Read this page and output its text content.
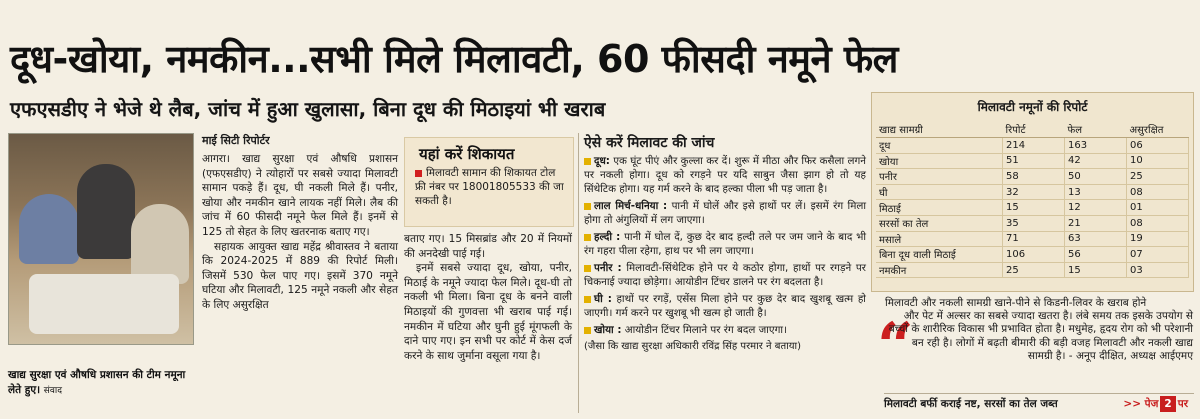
दूध-खोया, नमकीन...सभी मिले मिलावटी, 60 फीसदी नमूने फेल
एफएसडीए ने भेजे थे लैब, जांच में हुआ खुलासा, बिना दूध की मिठाइयां भी खराब
खाद्य सुरक्षा एवं औषधि प्रशासन की टीम नमूना लेते हुए। संवाद
माई सिटी रिपोर्टर

आगरा। खाद्य सुरक्षा एवं औषधि प्रशासन (एफएसडीए) ने त्योहारों पर सबसे ज्यादा मिलावटी सामान पकड़े हैं। दूध, घी नकली मिले हैं। पनीर, खोया और नमकीन खाने लायक नहीं मिले। लैब की जांच में 60 फीसदी नमूने फेल मिले हैं। इनमें से 125 तो सेहत के लिए खतरनाक बताए गए।

सहायक आयुक्त खाद्य महेंद्र श्रीवास्तव ने बताया कि 2024-2025 में 889 की रिपोर्ट मिली। जिसमें 530 फेल पाए गए। इसमें 370 नमूने घटिया और मिलावटी, 125 नमूने नकली और सेहत के लिए असुरक्षित

यहां करें शिकायत
मिलावटी सामान की शिकायत टोल फ्री नंबर पर 18001805533 की जा सकती है।

बताए गए। 15 मिसब्रांड और 20 में नियमों की अनदेखी पाई गई।

इनमें सबसे ज्यादा दूध, खोया, पनीर, मिठाई के नमूने ज्यादा फेल मिले। दूध-घी तो नकली भी मिला। बिना दूध के बनने वाली मिठाइयों की गुणवत्ता भी खराब पाई गई। नमकीन में घटिया और घुनी हुई मूंगफली के दाने पाए गए। इन सभी पर कोर्ट में केस दर्ज करने के साथ जुर्माना वसूला गया है।

ऐसे करें मिलावट की जांच
दूध: एक घूंट पीएं और कुल्ला कर दें। शुरू में मीठा और फिर कसैला लगने पर नकली होगा। दूध को रगड़ने पर यदि साबुन जैसा झाग हो तो यह सिंथेटिक होगा। यह गर्म करने के बाद हल्का पीला भी पड़ जाता है।
लाल मिर्च-धनिया : पानी में घोलें और इसे हाथों पर लें। इसमें रंग मिला होगा तो अंगुलियों में लग जाएगा।
हल्दी : पानी में घोल दें, कुछ देर बाद हल्दी तले पर जम जाने के बाद भी रंग गहरा पीला रहेगा, हाथ पर भी लग जाएगा।
पनीर : मिलावटी-सिंथेटिक होने पर ये कठोर होगा, हाथों पर रगड़ने पर चिकनाई ज्यादा छोड़ेगा। आयोडीन टिंचर डालने पर रंग बदलता है।
घी : हाथों पर रगड़ें, एसेंस मिला होने पर कुछ देर बाद खुशबू खत्म हो जाएगी। गर्म करने पर खुशबू भी खत्म हो जाती है।
खोया : आयोडीन टिंचर मिलाने पर रंग बदल जाएगा।
(जैसा कि खाद्य सुरक्षा अधिकारी रविंद्र सिंह परमार ने बताया)
मिलावटी नमूनों की रिपोर्ट
खाद्य सामग्री	रिपोर्ट	फेल	असुरक्षित
दूध	214	163	06
खोया	51	42	10
पनीर	58	50	25
घी	32	13	08
मिठाई	15	12	01
सरसों का तेल	35	21	08
मसाले	71	63	19
बिना दूध वाली मिठाई	106	56	07
नमकीन	25	15	03
“
मिलावटी और नकली सामग्री खाने-पीने से किडनी-लिवर के खराब होने
और पेट में अल्सर का सबसे ज्यादा खतरा है। लंबे समय तक इसके उपयोग से बच्चों के शारीरिक विकास भी प्रभावित होता है। मधुमेह, हृदय रोग को भी परेशानी बन रही है। लोगों में बढ़ती बीमारी की बड़ी वजह मिलावटी और नकली खाद्य सामग्री है। - अनूप दीक्षित, अध्यक्ष आईएमए
मिलावटी बर्फी कराई नष्ट, सरसों का तेल जब्त	>> पेज 2 पर
